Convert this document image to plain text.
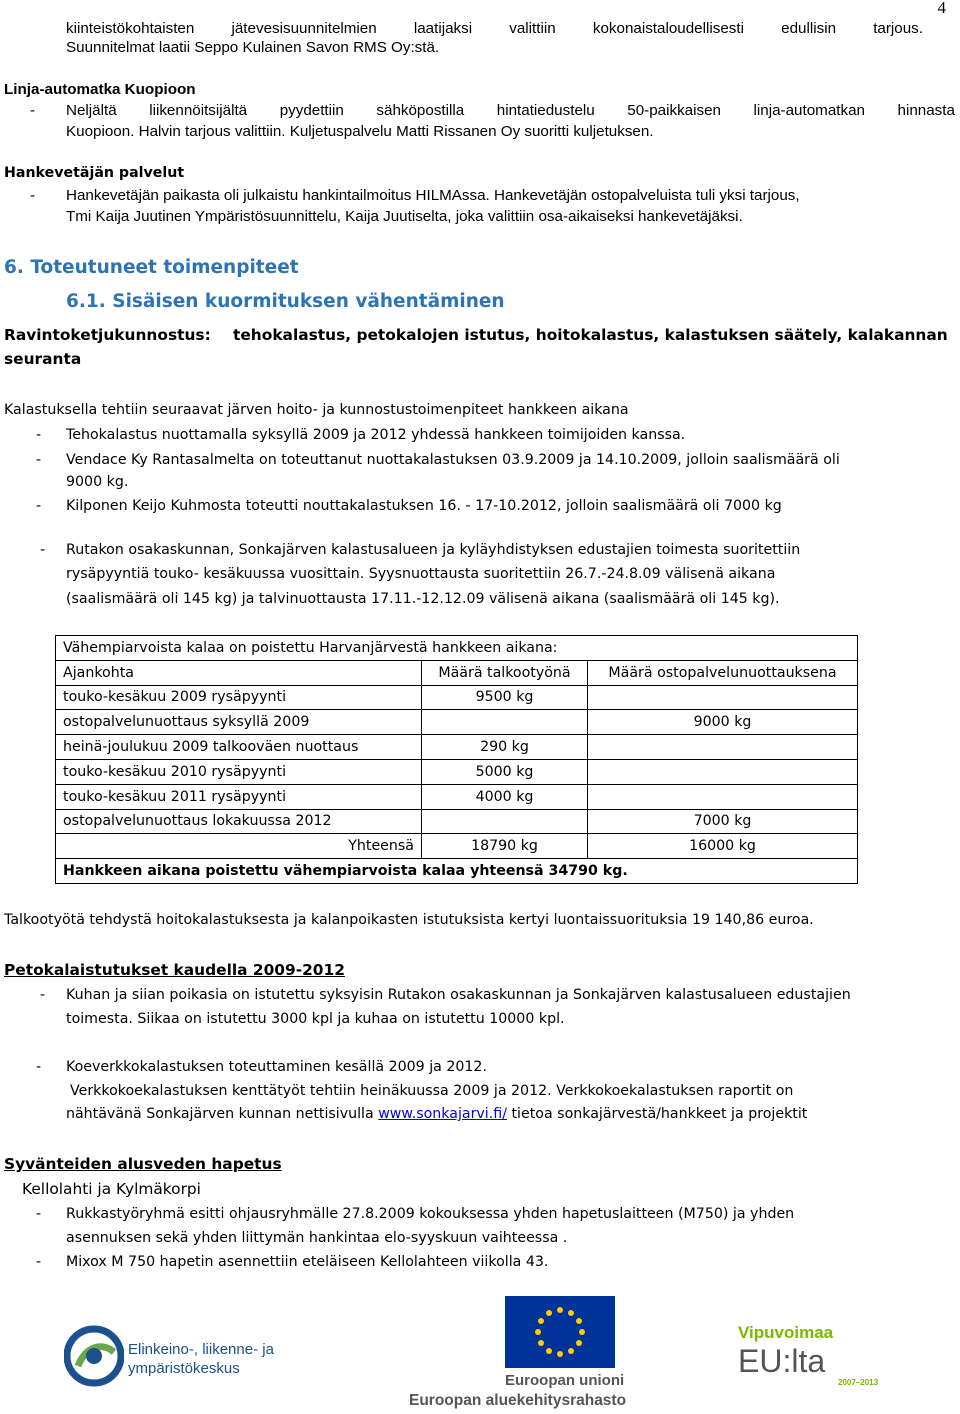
4
kiinteistökohtaisten jätevesisuunnitelmien laatijaksi valittiin kokonaistaloudellisesti edullisin tarjous.
Suunnitelmat laatii Seppo Kulainen Savon RMS Oy:stä.
Linja-automatka Kuopioon
- Neljältä liikennöitsijältä pyydettiin sähköpostilla hintatiedustelu 50-paikkaisen linja-automatkan hinnasta
Kuopioon. Halvin tarjous valittiin. Kuljetuspalvelu Matti Rissanen Oy suoritti kuljetuksen.
Hankevetäjän palvelut
- Hankevetäjän paikasta oli julkaistu hankintailmoitus HILMAssa. Hankevetäjän ostopalveluista tuli yksi tarjous,
Tmi Kaija Juutinen Ympäristösuunnittelu, Kaija Juutiselta, joka valittiin osa-aikaiseksi hankevetäjäksi.
6. Toteutuneet toimenpiteet
6.1. Sisäisen kuormituksen vähentäminen
Ravintoketjukunnostus: tehokalastus, petokalojen istutus, hoitokalastus, kalastuksen säätely, kalakannan
seuranta
Kalastuksella tehtiin seuraavat järven hoito- ja kunnostustoimenpiteet hankkeen aikana
- Tehokalastus nuottamalla syksyllä 2009 ja 2012 yhdessä hankkeen toimijoiden kanssa.
- Vendace Ky Rantasalmelta on toteuttanut nuottakalastuksen 03.9.2009 ja 14.10.2009, jolloin saalismäärä oli
9000 kg.
- Kilponen Keijo Kuhmosta toteutti nouttakalastuksen 16. - 17-10.2012, jolloin saalismäärä oli 7000 kg
- Rutakon osakaskunnan, Sonkajärven kalastusalueen ja kyläyhdistyksen edustajien toimesta suoritettiin
rysäpyyntiä touko- kesäkuussa vuosittain. Syysnuottausta suoritettiin 26.7.-24.8.09 välisenä aikana
(saalismäärä oli 145 kg) ja talvinuottausta 17.11.-12.12.09 välisenä aikana (saalismäärä oli 145 kg).
Vähempiarvoista kalaa on poistettu Harvanjärvestä hankkeen aikana:		
Ajankohta	Määrä talkootyönä	Määrä ostopalvelunuottauksena
touko-kesäkuu 2009 rysäpyynti	9500 kg	
ostopalvelunuottaus syksyllä 2009		9000 kg
heinä-joulukuu 2009 talkooväen nuottaus	290 kg	
touko-kesäkuu 2010 rysäpyynti	5000 kg	
touko-kesäkuu 2011 rysäpyynti	4000 kg	
ostopalvelunuottaus lokakuussa 2012		7000 kg
Yhteensä	18790 kg	16000 kg
Hankkeen aikana poistettu vähempiarvoista kalaa yhteensä 34790 kg.		
Talkootyötä tehdystä hoitokalastuksesta ja kalanpoikasten istutuksista kertyi luontaissuorituksia 19 140,86 euroa.
Petokalaistutukset kaudella 2009-2012
- Kuhan ja siian poikasia on istutettu syksyisin Rutakon osakaskunnan ja Sonkajärven kalastusalueen edustajien
toimesta. Siikaa on istutettu 3000 kpl ja kuhaa on istutettu 10000 kpl.
- Koeverkkokalastuksen toteuttaminen kesällä 2009 ja 2012.
Verkkokoekalastuksen kenttätyöt tehtiin heinäkuussa 2009 ja 2012. Verkkokoekalastuksen raportit on
nähtävänä Sonkajärven kunnan nettisivulla www.sonkajarvi.fi/ tietoa sonkajärvestä/hankkeet ja projektit
Syvänteiden alusveden hapetus
Kellolahti ja Kylmäkorpi
- Rukkastyöryhmä esitti ohjausryhmälle 27.8.2009 kokouksessa yhden hapetuslaitteen (M750) ja yhden
asennuksen sekä yhden liittymän hankintaa elo-syyskuun vaihteessa .
- Mixox M 750 hapetin asennettiin eteläiseen Kellolahteen viikolla 43.
Elinkeino-, liikenne- ja
ympäristökeskus
Euroopan unioni
Euroopan aluekehitysrahasto
Vipuvoimaa
EU:lta
2007–2013
